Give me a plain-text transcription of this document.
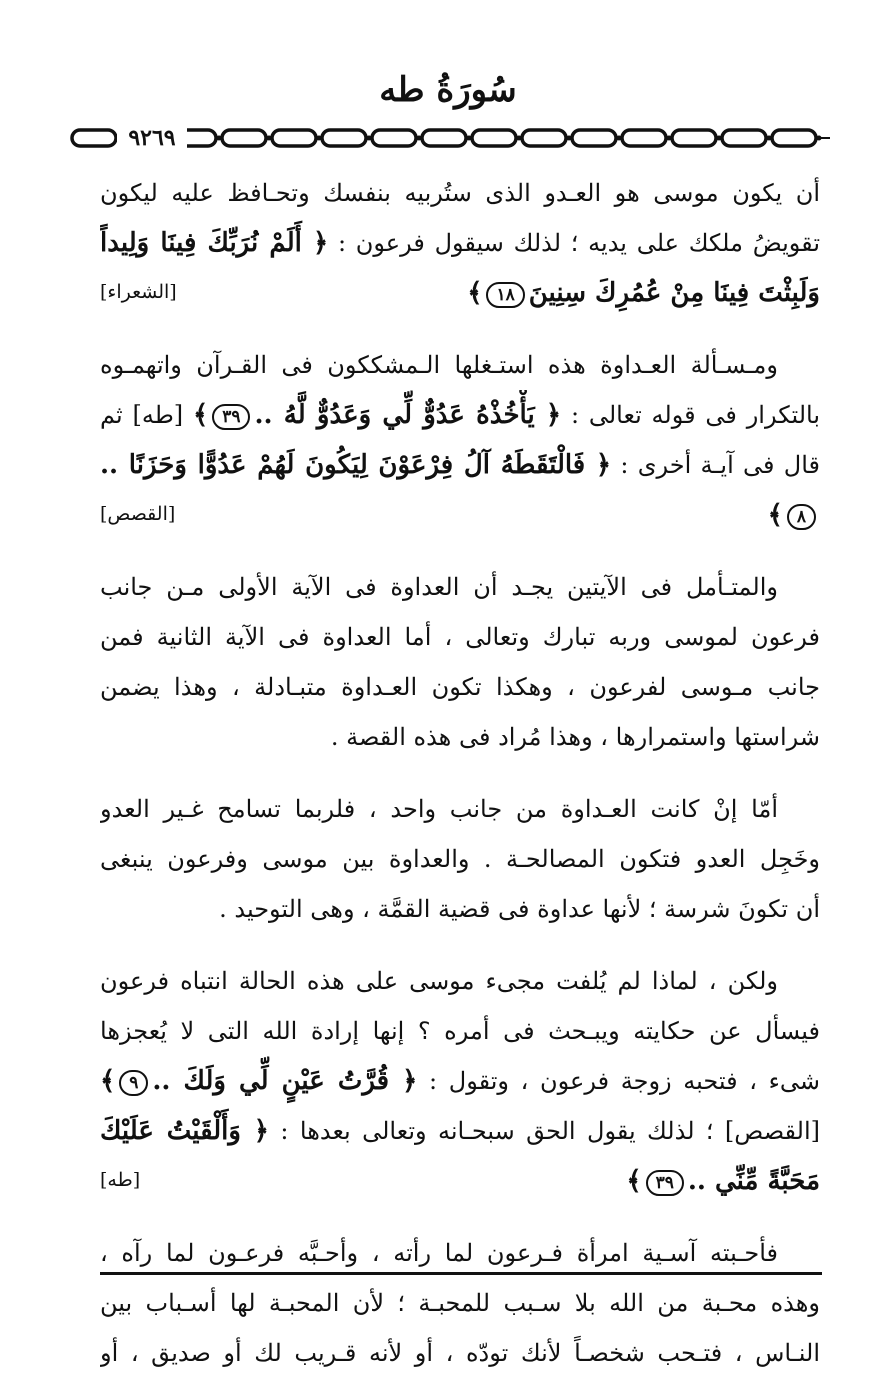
سُورَةُ طه
٩٢٦٩
أن يكون موسى هو العـدو الذى ستُربيه بنفسك وتحـافظ عليه ليكون
تقويضُ ملكك على يديه ؛ لذلك سيقول فرعون : ﴿ أَلَمْ نُرَبِّكَ فِينَا وَلِيداً
وَلَبِثْتَ فِينَا مِنْ عُمُرِكَ سِنِينَ١٨﴾
[الشعراء]
ومـسـألة العـداوة هذه استـغلها الـمشككون فى القـرآن واتهمـوه
بالتكرار فى قوله تعالى : ﴿ يَأْخُذْهُ عَدُوٌّ لِّي وَعَدُوٌّ لَّهُ ..٣٩﴾ [طه] ثم
قال فى آيـة أخرى : ﴿ فَالْتَقَطَهُ آلُ فِرْعَوْنَ لِيَكُونَ لَهُمْ عَدُوًّا وَحَزَنًا ..
٨﴾
[القصص]
والمتـأمل فى الآيتين يجـد أن العداوة فى الآية الأولى مـن جانب
فرعون لموسى وربه تبارك وتعالى ، أما العداوة فى الآية الثانية فمن
جانب مـوسى لفرعون ، وهكذا تكون العـداوة متبـادلة ، وهذا يضمن
شراستها واستمرارها ، وهذا مُراد فى هذه القصة .
أمّا إنْ كانت العـداوة من جانب واحد ، فلربما تسامح غـير العدو
وخَجِل العدو فتكون المصالحـة . والعداوة بين موسى وفرعون ينبغى
أن تكونَ شرسة ؛ لأنها عداوة فى قضية القمَّة ، وهى التوحيد .
ولكن ، لماذا لم يُلفت مجىء موسى على هذه الحالة انتباه فرعون
فيسأل عن حكايته ويبـحث فى أمره ؟ إنها إرادة الله التى لا يُعجزها
شىء ، فتحبه زوجة فرعون ، وتقول : ﴿ قُرَّتُ عَيْنٍ لِّي وَلَكَ ..٩﴾
[القصص] ؛ لذلك يقول الحق سبحـانه وتعالى بعدها : ﴿ وَأَلْقَيْتُ عَلَيْكَ
مَحَبَّةً مِّنِّي ..٣٩﴾
[طه]
فأحـبته آسـية امرأة فـرعون لما رأته ، وأحـبَّه فرعـون لما رآه ،
وهذه محـبة من الله بلا سـبب للمحبـة ؛ لأن المحبـة لها أسـباب بين
النـاس ، فتـحب شخصـاً لأنك تودّه ، أو لأنه قـريب لك أو صديق ، أو
